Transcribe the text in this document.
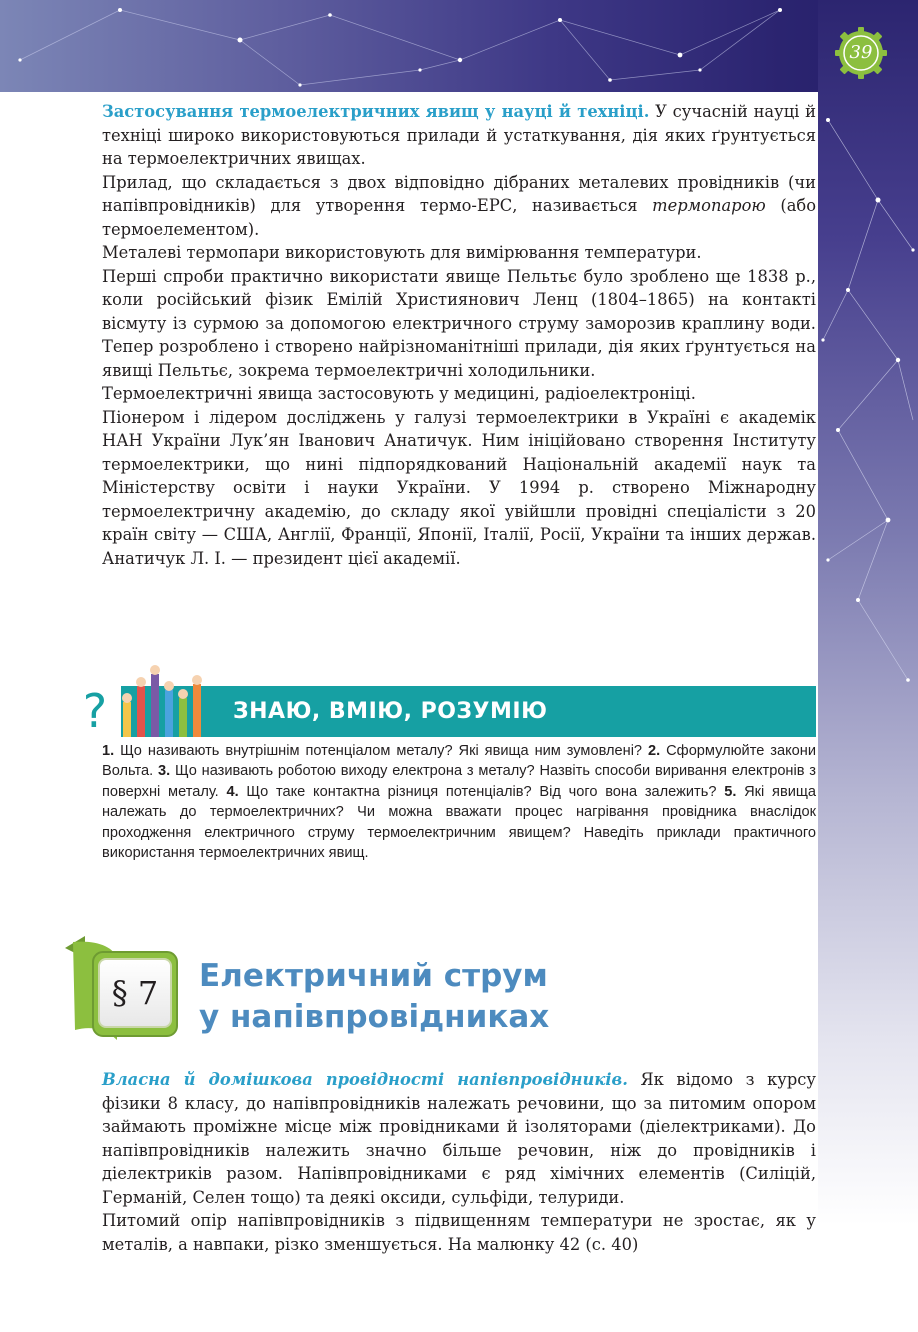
39

Застосування термоелектричних явищ у науці й техніці. У сучасній науці й техніці широко використовуються прилади й устаткування, дія яких ґрунтується на термоелектричних явищах.

Прилад, що складається з двох відповідно дібраних металевих провідників (чи напівпровідників) для утворення термо-ЕРС, називається термопарою (або термоелементом).

Металеві термопари використовують для вимірювання температури.

Перші спроби практично використати явище Пельтьє було зроблено ще 1838 р., коли російський фізик Емілій Християнович Ленц (1804–1865) на контакті вісмуту із сурмою за допомогою електричного струму заморозив краплину води. Тепер розроблено і створено найрізноманітніші прилади, дія яких ґрунтується на явищі Пельтьє, зокрема термоелектричні холодильники.

Термоелектричні явища застосовують у медицині, радіоелектроніці.

Піонером і лідером досліджень у галузі термоелектрики в Україні є академік НАН України Лук’ян Іванович Анатичук. Ним ініційовано створення Інституту термоелектрики, що нині підпорядкований Національній академії наук та Міністерству освіти і науки України. У 1994 р. створено Міжнародну термоелектричну академію, до складу якої увійшли провідні спеціалісти з 20 країн світу — США, Англії, Франції, Японії, Італії, Росії, України та інших держав. Анатичук Л. І. — президент цієї академії.

?	ЗНАЮ, ВМІЮ, РОЗУМІЮ

1. Що називають внутрішнім потенціалом металу? Які явища ним зумовлені? 2. Сформулюйте закони Вольта. 3. Що називають роботою виходу електрона з металу? Назвіть способи виривання електронів з поверхні металу. 4. Що таке контактна різниця потенціалів? Від чого вона залежить? 5. Які явища належать до термоелектричних? Чи можна вважати процес нагрівання провідника внаслідок проходження електричного струму термоелектричним явищем? Наведіть приклади практичного використання термоелектричних явищ.

§ 7	Електричний струм
у напівпровідниках

Власна й домішкова провідності напівпровідників. Як відомо з курсу фізики 8 класу, до напівпровідників належать речовини, що за питомим опором займають проміжне місце між провідниками й ізоляторами (діелектриками). До напівпровідників належить значно більше речовин, ніж до провідників і діелектриків разом. Напівпровідниками є ряд хімічних елементів (Силіцій, Германій, Селен тощо) та деякі оксиди, сульфіди, телуриди.

Питомий опір напівпровідників з підвищенням температури не зростає, як у металів, а навпаки, різко зменшується. На малюнку 42 (с. 40)
